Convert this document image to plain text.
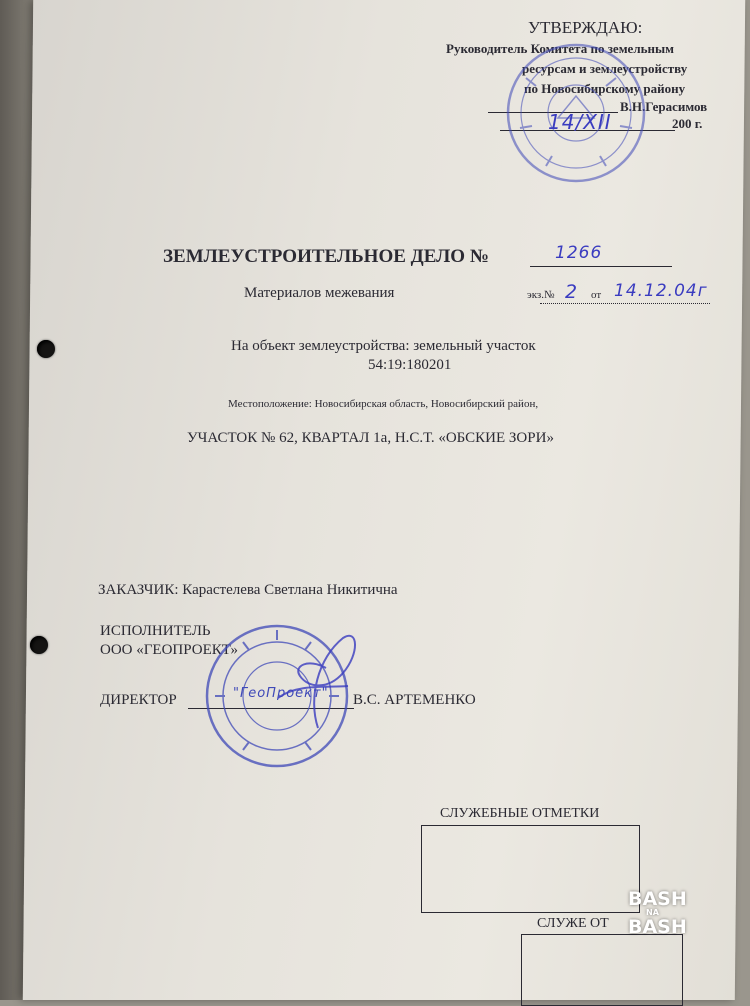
УТВЕРЖДАЮ:
Руководитель Комитета по земельным
ресурсам и землеустройству
по Новосибирскому району
В.Н.Герасимов
200 г.
14/XII
ЗЕМЛЕУСТРОИТЕЛЬНОЕ ДЕЛО №	1266
Материалов межевания	экз.№ 2 от 14.12.04г
На объект землеустройства: земельный участок
54:19:180201
Местоположение: Новосибирская область, Новосибирский район,
УЧАСТОК № 62, КВАРТАЛ 1а, Н.С.Т. «ОБСКИЕ ЗОРИ»
ЗАКАЗЧИК: Карастелева Светлана Никитична
ИСПОЛНИТЕЛЬ
ООО «ГЕОПРОЕКТ»
ДИРЕКТОР	В.С. АРТЕМЕНКО
"ГеоПроект"
СЛУЖЕБНЫЕ ОТМЕТКИ
СЛУЖЕ ОТ
BASH
NA
BASH
